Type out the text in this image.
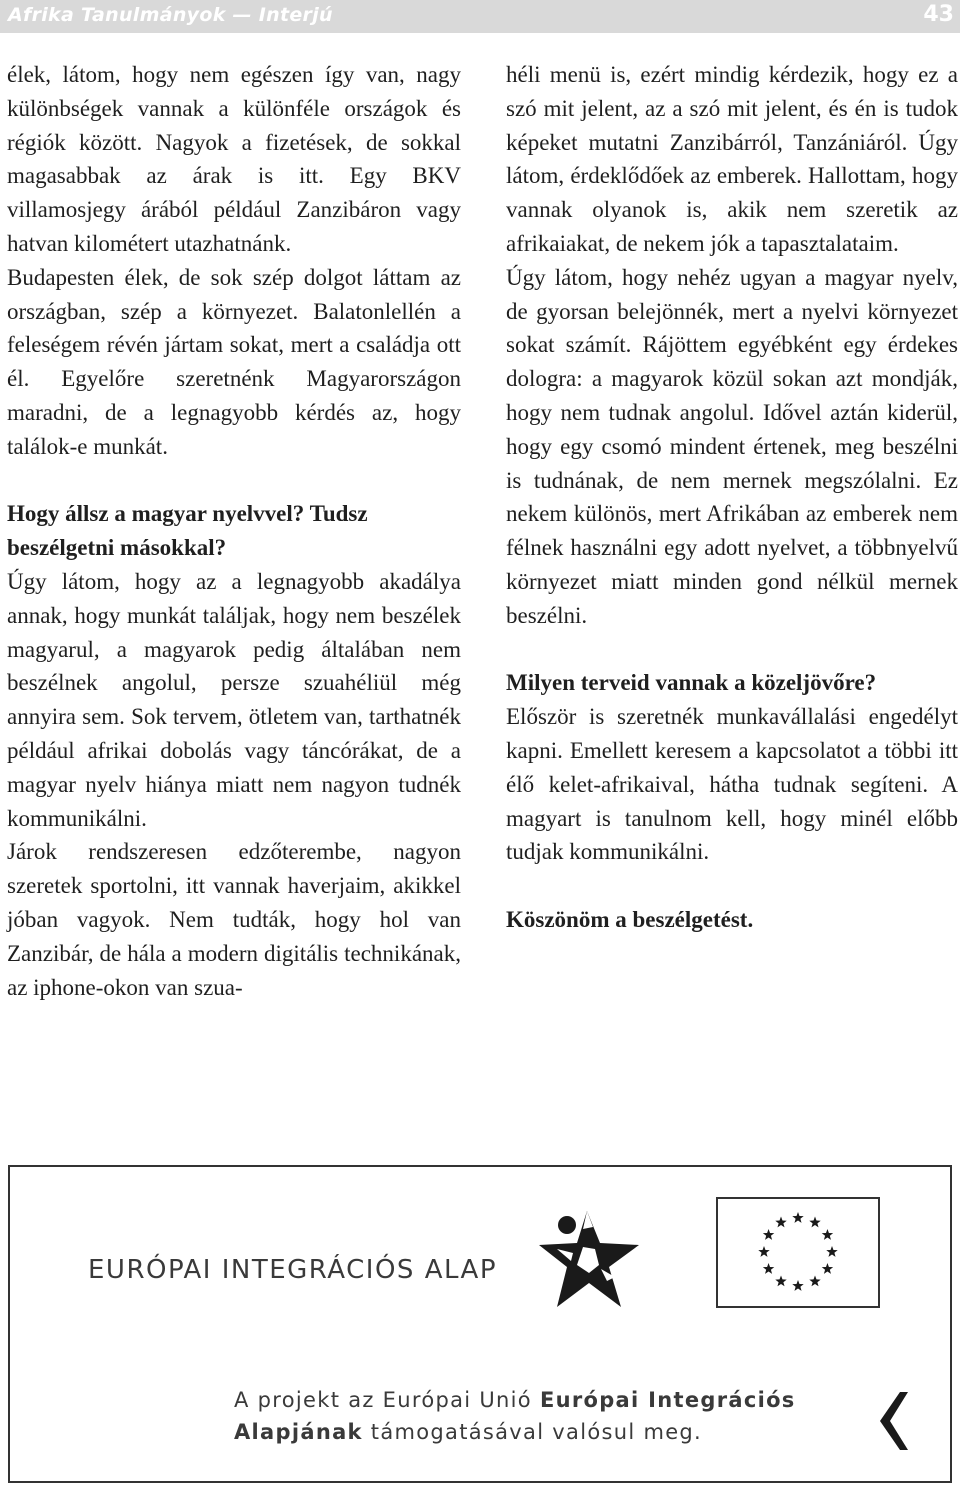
Afrika Tanulmányok — Interjú	43

élek, látom, hogy nem egészen így van, nagy különbségek vannak a különféle országok és régiók között. Nagyok a fizetések, de sokkal magasabbak az árak is itt. Egy BKV villamosjegy árából például Zanzibáron vagy hatvan kilométert utazhatnánk.

Budapesten élek, de sok szép dolgot láttam az országban, szép a környezet. Balatonlellén a feleségem révén jártam sokat, mert a családja ott él. Egyelőre szeretnénk Magyarországon maradni, de a legnagyobb kérdés az, hogy találok-e munkát.

Hogy állsz a magyar nyelvvel? Tudsz beszélgetni másokkal?

Úgy látom, hogy az a legnagyobb akadálya annak, hogy munkát találjak, hogy nem beszélek magyarul, a magyarok pedig általában nem beszélnek angolul, persze szuahéliül még annyira sem. Sok tervem, ötletem van, tarthatnék például afrikai dobolás vagy táncórákat, de a magyar nyelv hiánya miatt nem nagyon tudnék kommunikálni.

Járok rendszeresen edzőterembe, nagyon szeretek sportolni, itt vannak haverjaim, akikkel jóban vagyok. Nem tudták, hogy hol van Zanzibár, de hála a modern digitális technikának, az iphone-okon van szua-

héli menü is, ezért mindig kérdezik, hogy ez a szó mit jelent, az a szó mit jelent, és én is tudok képeket mutatni Zanzibárról, Tanzániáról. Úgy látom, érdeklődőek az emberek. Hallottam, hogy vannak olyanok is, akik nem szeretik az afrikaiakat, de nekem jók a tapasztalataim.

Úgy látom, hogy nehéz ugyan a magyar nyelv, de gyorsan belejönnék, mert a nyelvi környezet sokat számít. Rájöttem egyébként egy érdekes dologra: a magyarok közül sokan azt mondják, hogy nem tudnak angolul. Idővel aztán kiderül, hogy egy csomó mindent értenek, meg beszélni is tudnának, de nem mernek megszólalni. Ez nekem különös, mert Afrikában az emberek nem félnek használni egy adott nyelvet, a többnyelvű környezet miatt minden gond nélkül mernek beszélni.

Milyen terveid vannak a közeljövőre?

Először is szeretnék munkavállalási engedélyt kapni. Emellett keresem a kapcsolatot a többi itt élő kelet-afrikaival, hátha tudnak segíteni. A magyart is tanulnom kell, hogy minél előbb tudjak kommunikálni.

Köszönöm a beszélgetést.
EURÓPAI INTEGRÁCIÓS ALAP
A projekt az Európai Unió Európai Integrációs
Alapjának támogatásával valósul meg.
